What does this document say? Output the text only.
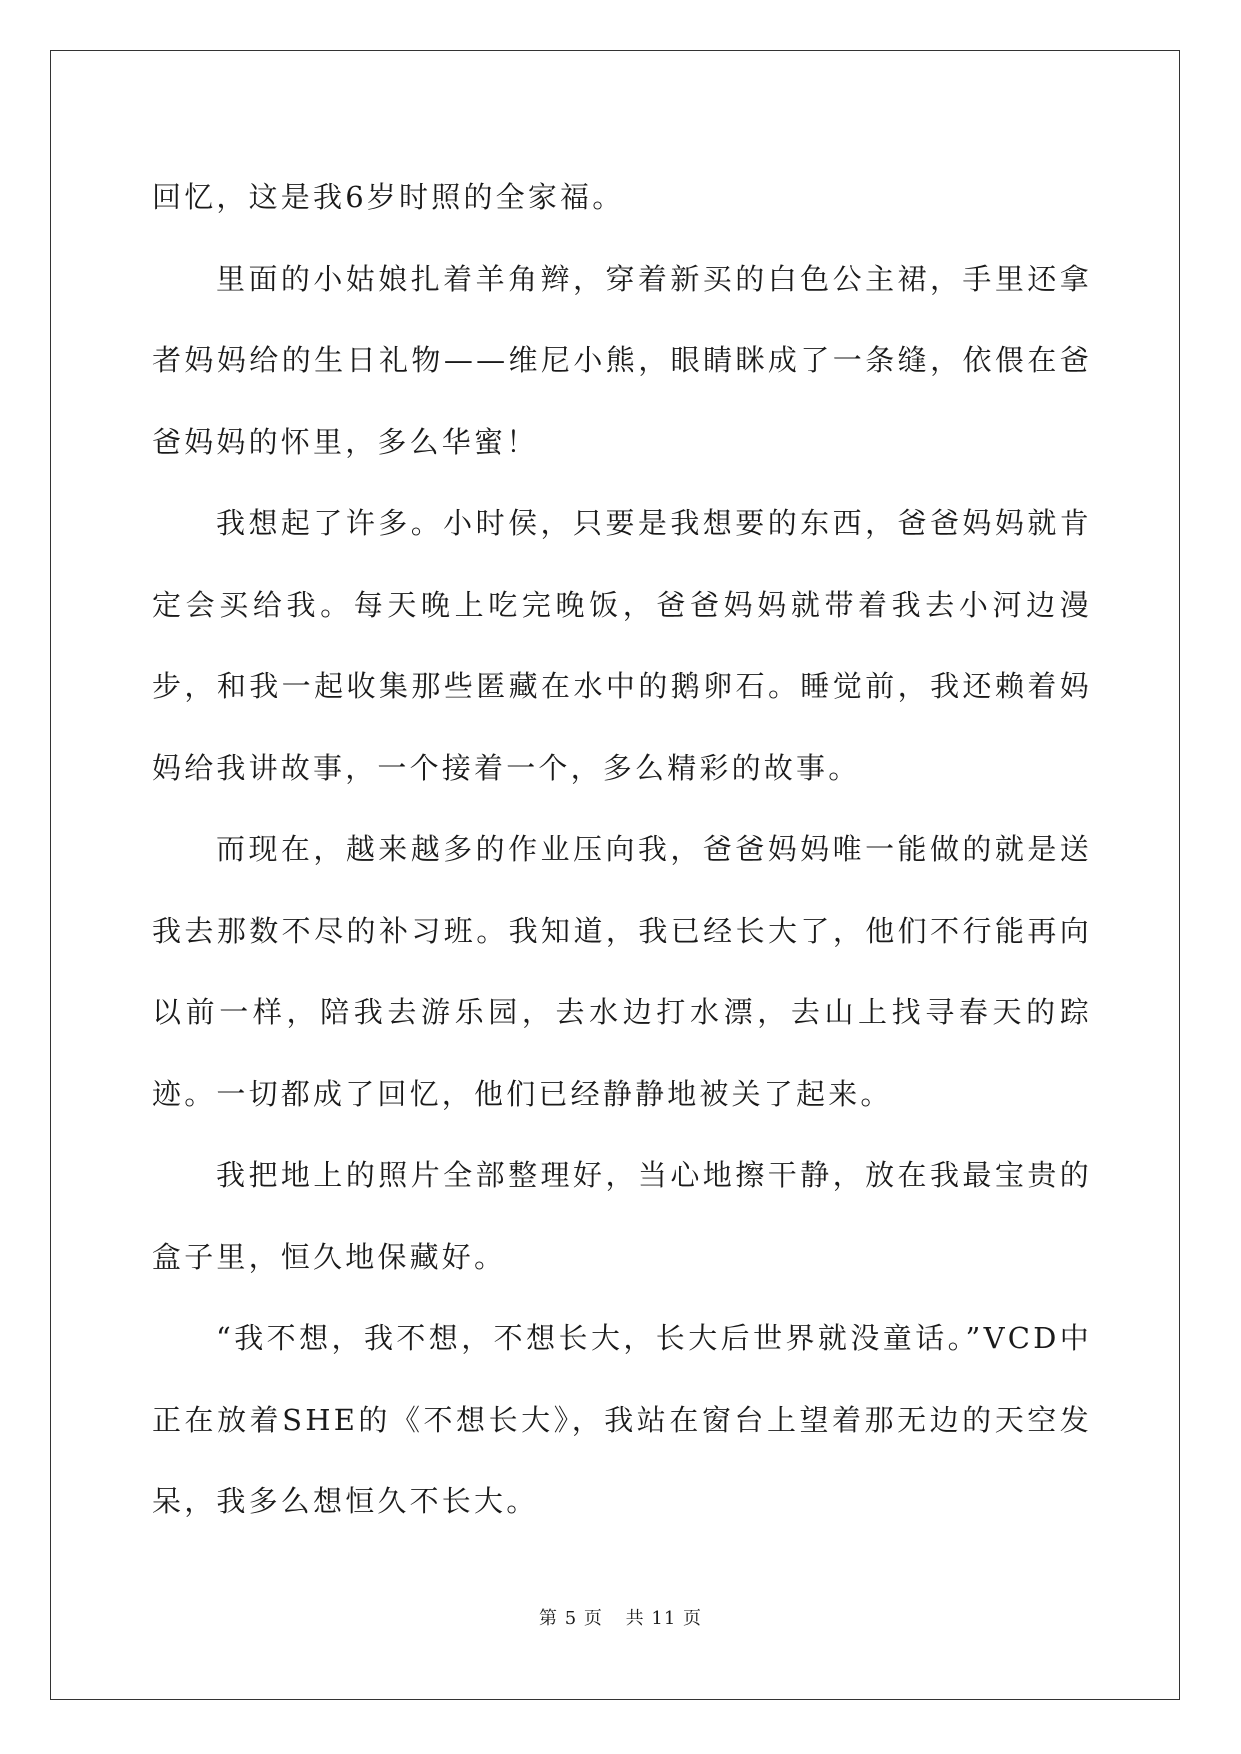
回忆，这是我6岁时照的全家福。

里面的小姑娘扎着羊角辫，穿着新买的白色公主裙，手里还拿者妈妈给的生日礼物——维尼小熊，眼睛眯成了一条缝，依偎在爸爸妈妈的怀里，多么华蜜！

我想起了许多。小时侯，只要是我想要的东西，爸爸妈妈就肯定会买给我。每天晚上吃完晚饭，爸爸妈妈就带着我去小河边漫步，和我一起收集那些匿藏在水中的鹅卵石。睡觉前，我还赖着妈妈给我讲故事，一个接着一个，多么精彩的故事。

而现在，越来越多的作业压向我，爸爸妈妈唯一能做的就是送我去那数不尽的补习班。我知道，我已经长大了，他们不行能再向以前一样，陪我去游乐园，去水边打水漂，去山上找寻春天的踪迹。一切都成了回忆，他们已经静静地被关了起来。

我把地上的照片全部整理好，当心地擦干静，放在我最宝贵的盒子里，恒久地保藏好。

“我不想，我不想，不想长大，长大后世界就没童话。”VCD中正在放着SHE的《不想长大》，我站在窗台上望着那无边的天空发呆，我多么想恒久不长大。

第 5 页 共 11 页
